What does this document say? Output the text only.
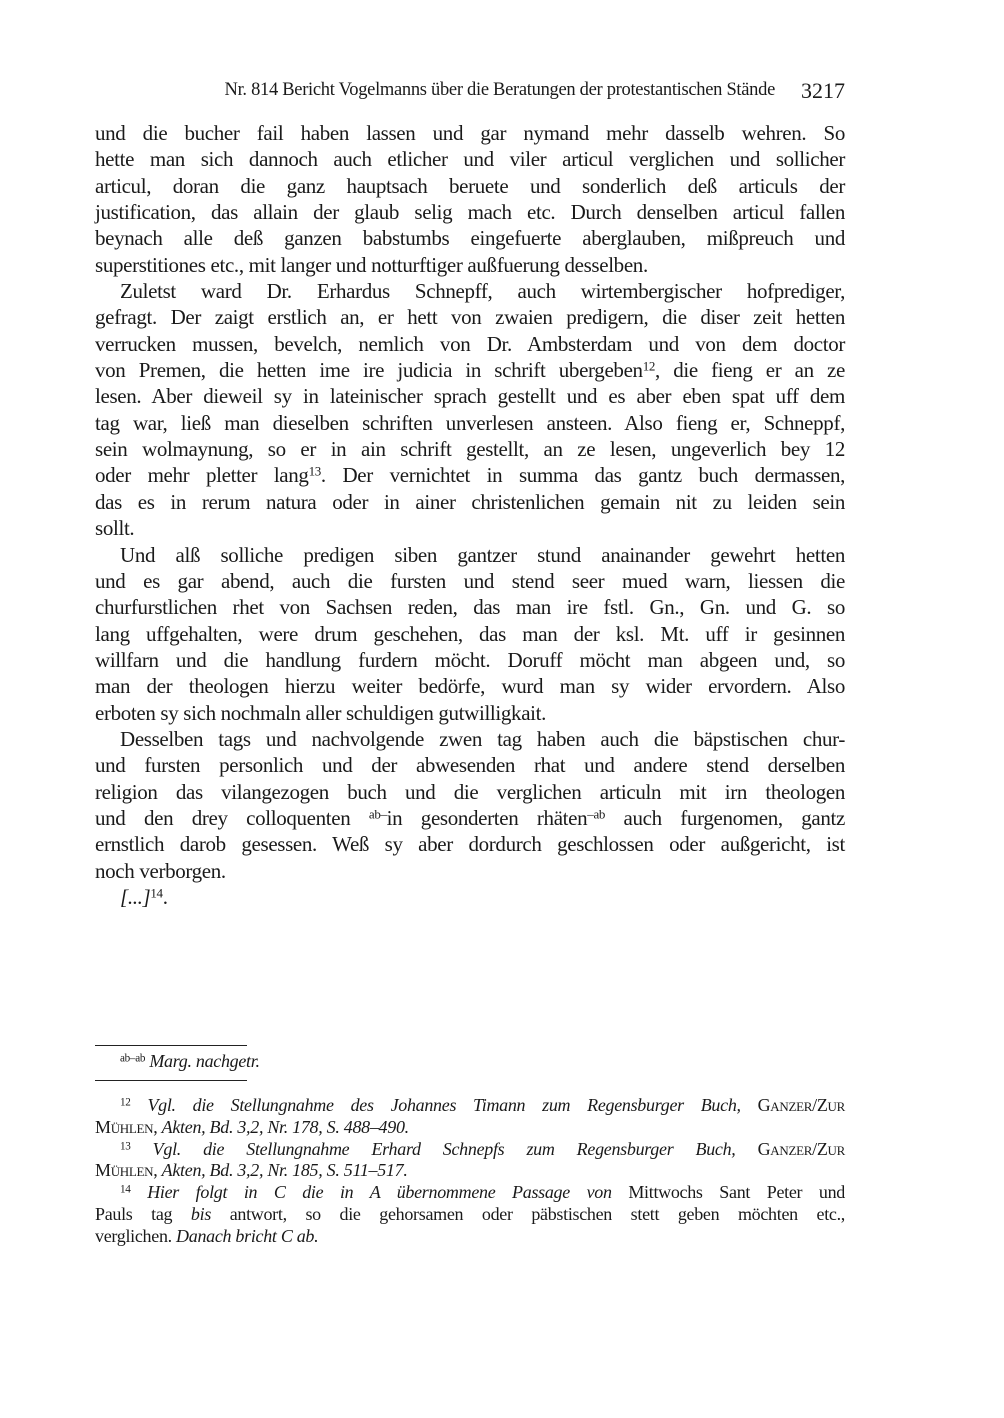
Nr. 814 Bericht Vogelmanns über die Beratungen der protestantischen Stände 3217
und die bucher fail haben lassen und gar nymand mehr dasselb wehren. So
hette man sich dannoch auch etlicher und viler articul verglichen und sollicher
articul, doran die ganz hauptsach beruete und sonderlich deß articuls der
justification, das allain der glaub selig mach etc. Durch denselben articul fallen
beynach alle deß ganzen babstumbs eingefuerte aberglauben, mißpreuch und
superstitiones etc., mit langer und notturftiger außfuerung desselben.
Zuletst ward Dr. Erhardus Schnepff, auch wirtembergischer hofprediger,
gefragt. Der zaigt erstlich an, er hett von zwaien predigern, die diser zeit hetten
verrucken mussen, bevelch, nemlich von Dr. Ambsterdam und von dem doctor
von Premen, die hetten ime ire judicia in schrift ubergeben$^{12}$, die fieng er an ze
lesen. Aber dieweil sy in lateinischer sprach gestellt und es aber eben spat uff dem
tag war, ließ man dieselben schriften unverlesen ansteen. Also fieng er, Schneppf,
sein wolmaynung, so er in ain schrift gestellt, an ze lesen, ungeverlich bey 12
oder mehr pletter lang$^{13}$. Der vernichtet in summa das gantz buch dermassen,
das es in rerum natura oder in ainer christenlichen gemain nit zu leiden sein
sollt.
Und alß solliche predigen siben gantzer stund anainander gewehrt hetten
und es gar abend, auch die fursten und stend seer mued warn, liessen die
churfurstlichen rhet von Sachsen reden, das man ire fstl. Gn., Gn. und G. so
lang uffgehalten, were drum geschehen, das man der ksl. Mt. uff ir gesinnen
willfarn und die handlung furdern möcht. Doruff möcht man abgeen und, so
man der theologen hierzu weiter bedörfe, wurd man sy wider ervordern. Also
erboten sy sich nochmaln aller schuldigen gutwilligkait.
Desselben tags und nachvolgende zwen tag haben auch die bäpstischen chur-
und fursten personlich und der abwesenden rhat und andere stend derselben
religion das vilangezogen buch und die verglichen articuln mit irn theologen
und den drey colloquenten $^{ab-}$in gesonderten rhäten$^{-ab}$ auch furgenomen, gantz
ernstlich darob gesessen. Weß sy aber dordurch geschlossen oder außgericht, ist
noch verborgen.
[...]$^{14}$.
$^{ab-ab}$ Marg. nachgetr.
$^{12}$ Vgl. die Stellungnahme des Johannes Timann zum Regensburger Buch, Ganzer/Zur
Mühlen, Akten, Bd. 3,2, Nr. 178, S. 488–490.
$^{13}$ Vgl. die Stellungnahme Erhard Schnepfs zum Regensburger Buch, Ganzer/Zur
Mühlen, Akten, Bd. 3,2, Nr. 185, S. 511–517.
$^{14}$ Hier folgt in C die in A übernommene Passage von Mittwochs Sant Peter und
Pauls tag bis antwort, so die gehorsamen oder päbstischen stett geben möchten etc.,
verglichen. Danach bricht C ab.
